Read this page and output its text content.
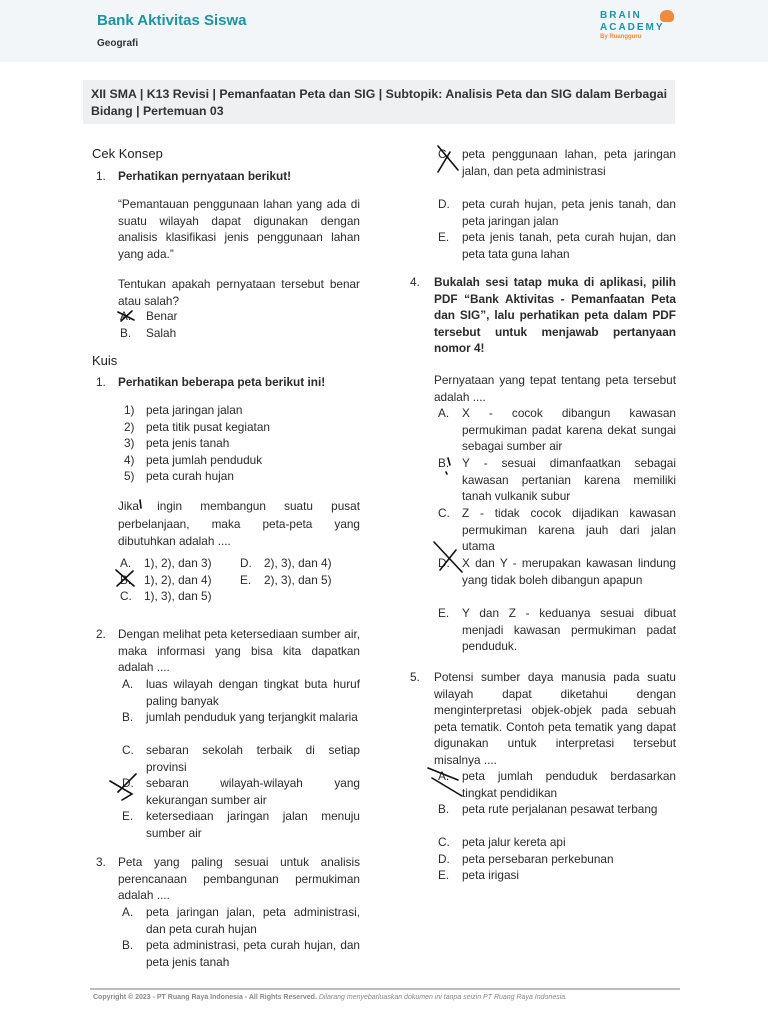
Bank Aktivitas Siswa
Geografi
BRAIN
ACADEMY
By Ruangguru

XII SMA | K13 Revisi | Pemanfaatan Peta dan SIG | Subtopik: Analisis Peta dan SIG dalam Berbagai Bidang | Pertemuan 03

Cek Konsep
1. Perhatikan pernyataan berikut!
“Pemantauan penggunaan lahan yang ada di suatu wilayah dapat digunakan dengan analisis klasifikasi jenis penggunaan lahan yang ada.”
Tentukan apakah pernyataan tersebut benar atau salah?
A. Benar
B. Salah
Kuis
1. Perhatikan beberapa peta berikut ini!
1) peta jaringan jalan
2) peta titik pusat kegiatan
3) peta jenis tanah
4) peta jumlah penduduk
5) peta curah hujan
Jika ingin membangun suatu pusat perbelanjaan, maka peta-peta yang dibutuhkan adalah ....
A. 1), 2), dan 3) D. 2), 3), dan 4)
B. 1), 2), dan 4) E. 2), 3), dan 5)
C. 1), 3), dan 5)
2. Dengan melihat peta ketersediaan sumber air, maka informasi yang bisa kita dapatkan adalah ....
A. luas wilayah dengan tingkat buta huruf paling banyak
B. jumlah penduduk yang terjangkit malaria
C. sebaran sekolah terbaik di setiap provinsi
D. sebaran wilayah-wilayah yang kekurangan sumber air
E. ketersediaan jaringan jalan menuju sumber air
3. Peta yang paling sesuai untuk analisis perencanaan pembangunan permukiman adalah ....
A. peta jaringan jalan, peta administrasi, dan peta curah hujan
B. peta administrasi, peta curah hujan, dan peta jenis tanah
C. peta penggunaan lahan, peta jaringan jalan, dan peta administrasi
D. peta curah hujan, peta jenis tanah, dan peta jaringan jalan
E. peta jenis tanah, peta curah hujan, dan peta tata guna lahan
4. Bukalah sesi tatap muka di aplikasi, pilih PDF “Bank Aktivitas - Pemanfaatan Peta dan SIG”, lalu perhatikan peta dalam PDF tersebut untuk menjawab pertanyaan nomor 4!
Pernyataan yang tepat tentang peta tersebut adalah ....
A. X - cocok dibangun kawasan permukiman padat karena dekat sungai sebagai sumber air
B. Y - sesuai dimanfaatkan sebagai kawasan pertanian karena memiliki tanah vulkanik subur
C. Z - tidak cocok dijadikan kawasan permukiman karena jauh dari jalan utama
D. X dan Y - merupakan kawasan lindung yang tidak boleh dibangun apapun
E. Y dan Z - keduanya sesuai dibuat menjadi kawasan permukiman padat penduduk.
5. Potensi sumber daya manusia pada suatu wilayah dapat diketahui dengan menginterpretasi objek-objek pada sebuah peta tematik. Contoh peta tematik yang dapat digunakan untuk interpretasi tersebut misalnya ....
A. peta jumlah penduduk berdasarkan tingkat pendidikan
B. peta rute perjalanan pesawat terbang
C. peta jalur kereta api
D. peta persebaran perkebunan
E. peta irigasi
Copyright © 2023 - PT Ruang Raya Indonesia - All Rights Reserved. Dilarang menyebarluaskan dokumen ini tanpa seizin PT Ruang Raya Indonesia.
